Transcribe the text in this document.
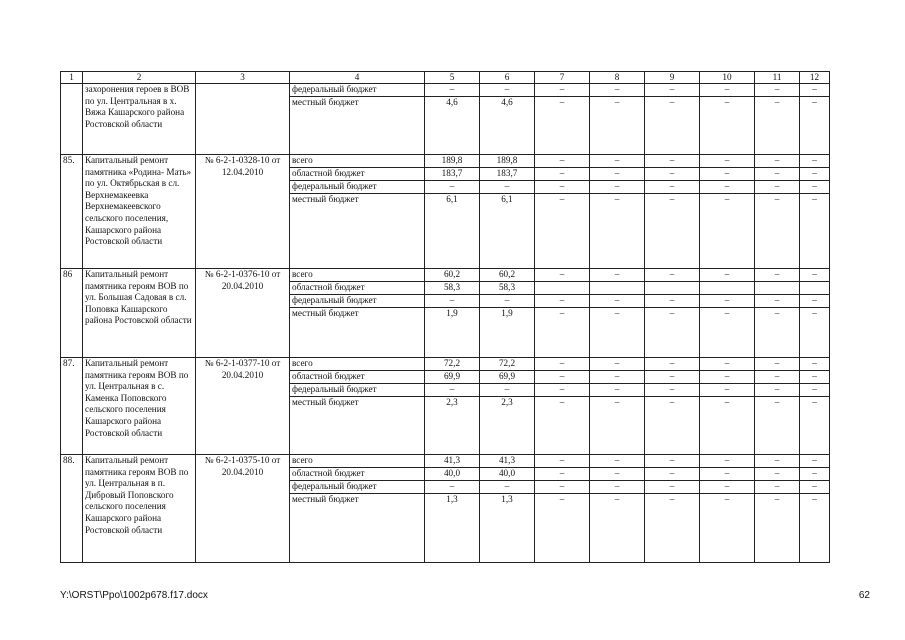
1	2	3	4	5	6	7	8	9	10	11	12
	захоронения героев в ВОВ по ул. Центральная в х. Вяжа Кашарского района Ростовской области		федеральный бюджет	–	–	–	–	–	–	–	–
			местный бюджет	4,6	4,6	–	–	–	–	–	–
85.	Капитальный ремонт памятника «Родина- Мать» по ул. Октябрьская в сл. Верхнемакеевка Верхнемакеевского сельского поселения, Кашарского района Ростовской области	№ 6-2-1-0328-10 от 12.04.2010	всего	189,8	189,8	–	–	–	–	–	–
			областной бюджет	183,7	183,7	–	–	–	–	–	–
			федеральный бюджет	–	–	–	–	–	–	–	–
			местный бюджет	6,1	6,1	–	–	–	–	–	–
86	Капитальный ремонт памятника героям ВОВ по ул. Большая Садовая в сл. Поповка Кашарского района Ростовской области	№ 6-2-1-0376-10 от 20.04.2010	всего	60,2	60,2	–	–	–	–	–	–
			областной бюджет	58,3	58,3						
			федеральный бюджет	–	–	–	–	–	–	–	–
			местный бюджет	1,9	1,9	–	–	–	–	–	–
87.	Капитальный ремонт памятника героям ВОВ по ул. Центральная в с. Каменка Поповского сельского поселения Кашарского района Ростовской области	№ 6-2-1-0377-10 от 20.04.2010	всего	72,2	72,2	–	–	–	–	–	–
			областной бюджет	69,9	69,9	–	–	–	–	–	–
			федеральный бюджет	–	–	–	–	–	–	–	–
			местный бюджет	2,3	2,3	–	–	–	–	–	–
88.	Капитальный ремонт памятника героям ВОВ по ул. Центральная в п. Дибровый Поповского сельского поселения Кашарского района Ростовской области	№ 6-2-1-0375-10 от 20.04.2010	всего	41,3	41,3	–	–	–	–	–	–
			областной бюджет	40,0	40,0	–	–	–	–	–	–
			федеральный бюджет	–	–	–	–	–	–	–	–
			местный бюджет	1,3	1,3	–	–	–	–	–	–
Y:\ORST\Ppo\1002p678.f17.docx	62
